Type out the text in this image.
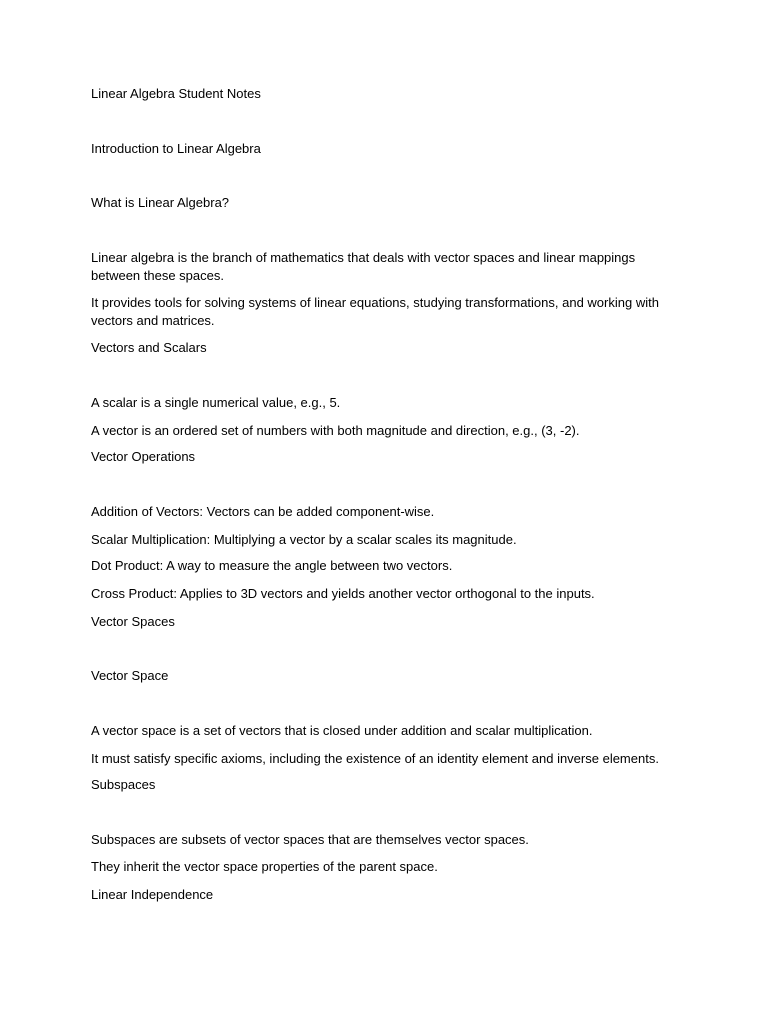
Linear Algebra Student Notes
Introduction to Linear Algebra
What is Linear Algebra?
Linear algebra is the branch of mathematics that deals with vector spaces and linear mappings between these spaces.
It provides tools for solving systems of linear equations, studying transformations, and working with vectors and matrices.
Vectors and Scalars
A scalar is a single numerical value, e.g., 5.
A vector is an ordered set of numbers with both magnitude and direction, e.g., (3, -2).
Vector Operations
Addition of Vectors: Vectors can be added component-wise.
Scalar Multiplication: Multiplying a vector by a scalar scales its magnitude.
Dot Product: A way to measure the angle between two vectors.
Cross Product: Applies to 3D vectors and yields another vector orthogonal to the inputs.
Vector Spaces
Vector Space
A vector space is a set of vectors that is closed under addition and scalar multiplication.
It must satisfy specific axioms, including the existence of an identity element and inverse elements.
Subspaces
Subspaces are subsets of vector spaces that are themselves vector spaces.
They inherit the vector space properties of the parent space.
Linear Independence
